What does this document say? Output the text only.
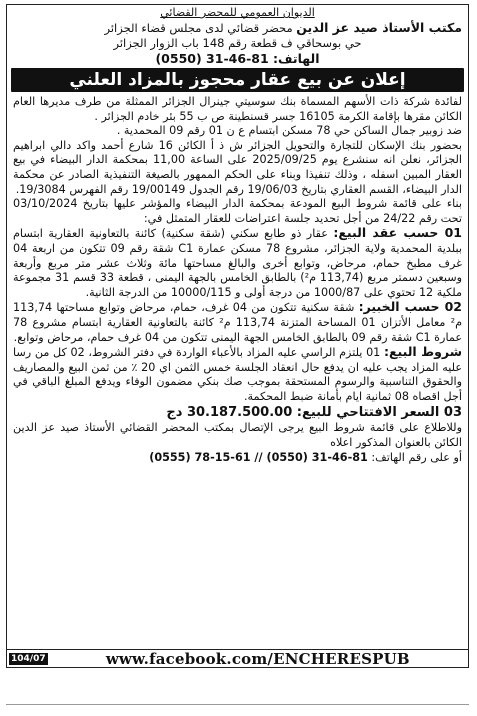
الديوان العمومي للمحضر القضائي
مكتب الأستاذ صيد عز الدين محضر قضائي لدى مجلس قضاء الجزائر
حي بوسحاقي ف قطعة رقم 148 باب الزوار الجزائر
الهاتف: 81-46-31 (0550)
إعلان عن بيع عقار محجوز بالمزاد العلني

لفائدة شركة ذات الأسهم المسماة بنك سوسيتي جينرال الجزائر الممثلة من طرف مديرها العام الكائن مقرها بإقامة الكرمة 16105 جسر قسنطينة ص ب 55 بئر خادم الجزائر .

ضد زوبير جمال الساكن حي 78 مسكن ابتسام ع ن 01 رقم 09 المحمدية .

بحضور بنك الإسكان للتجارة والتحويل الجزائر ش ذ أ الكائن 16 شارع أحمد واكد دالي ابراهيم الجزائر، نعلن انه سنشرع يوم 2025/09/25 على الساعة 11,00 بمحكمة الدار البيضاء في بيع العقار المبين اسفله ، وذلك تنفيذا وبناء على الحكم الممهور بالصيغة التنفيذية الصادر عن محكمة الدار البيضاء، القسم العقاري بتاريخ 19/06/03 رقم الجدول 19/00149 رقم الفهرس 19/3084.

بناء على قائمة شروط البيع المودعة بمحكمة الدار البيضاء والمؤشر عليها بتاريخ 03/10/2024 تحت رقم 24/22 من أجل تحديد جلسة اعتراضات للعقار المتمثل في:

01 حسب عقد البيع: عقار ذو طابع سكني (شقة سكنية) كائنة بالتعاونية العقارية ابتسام ببلدية المحمدية ولاية الجزائر، مشروع 78 مسكن عمارة C1 شقة رقم 09 تتكون من اربعة 04 غرف مطبخ حمام، مرحاض، وتوابع أخرى والبالغ مساحتها مائة وثلاث عشر متر مربع وأربعة وسبعين دسمتر مربع (113,74 م²) بالطابق الخامس بالجهة اليمنى ، قطعة 33 قسم 31 مجموعة ملكية 12 تحتوي على 1000/87 من درجة أولى و 10000/115 من الدرجة الثانية.

02 حسب الخبير: شقة سكنية تتكون من 04 غرف، حمام، مرحاض وتوابع مساحتها 113,74 م² معامل الأتزان 01 المساحة المتزنة 113,74 م² كائنة بالتعاونية العقارية ابتسام مشروع 78 عمارة C1 شقة رقم 09 بالطابق الخامس الجهة اليمنى تتكون من 04 غرف حمام، مرحاض وتوابع.

شروط البيع: 01 يلتزم الراسي عليه المزاد بالأعباء الواردة في دفتر الشروط، 02 كل من رسا عليه المزاد يجب عليه ان يدفع حال انعقاد الجلسة خمس الثمن اي 20 ٪ من ثمن البيع والمصاريف والحقوق التناسبية والرسوم المستحقة بموجب صك بنكي مضمون الوفاء ويدفع المبلغ الباقي في أجل اقصاه 08 ثمانية ايام بأمانة ضبط المحكمة.

03 السعر الافتتاحي للبيع: 30.187.500.00 دج

وللاطلاع على قائمة شروط البيع يرجى الإتصال بمكتب المحضر القضائي الأستاذ صيد عز الدين الكائن بالعنوان المذكور اعلاه

أو على رقم الهاتف: 81-46-31 (0550) // 61-15-78 (0555)

104/07	www.facebook.com/ENCHERESPUB
